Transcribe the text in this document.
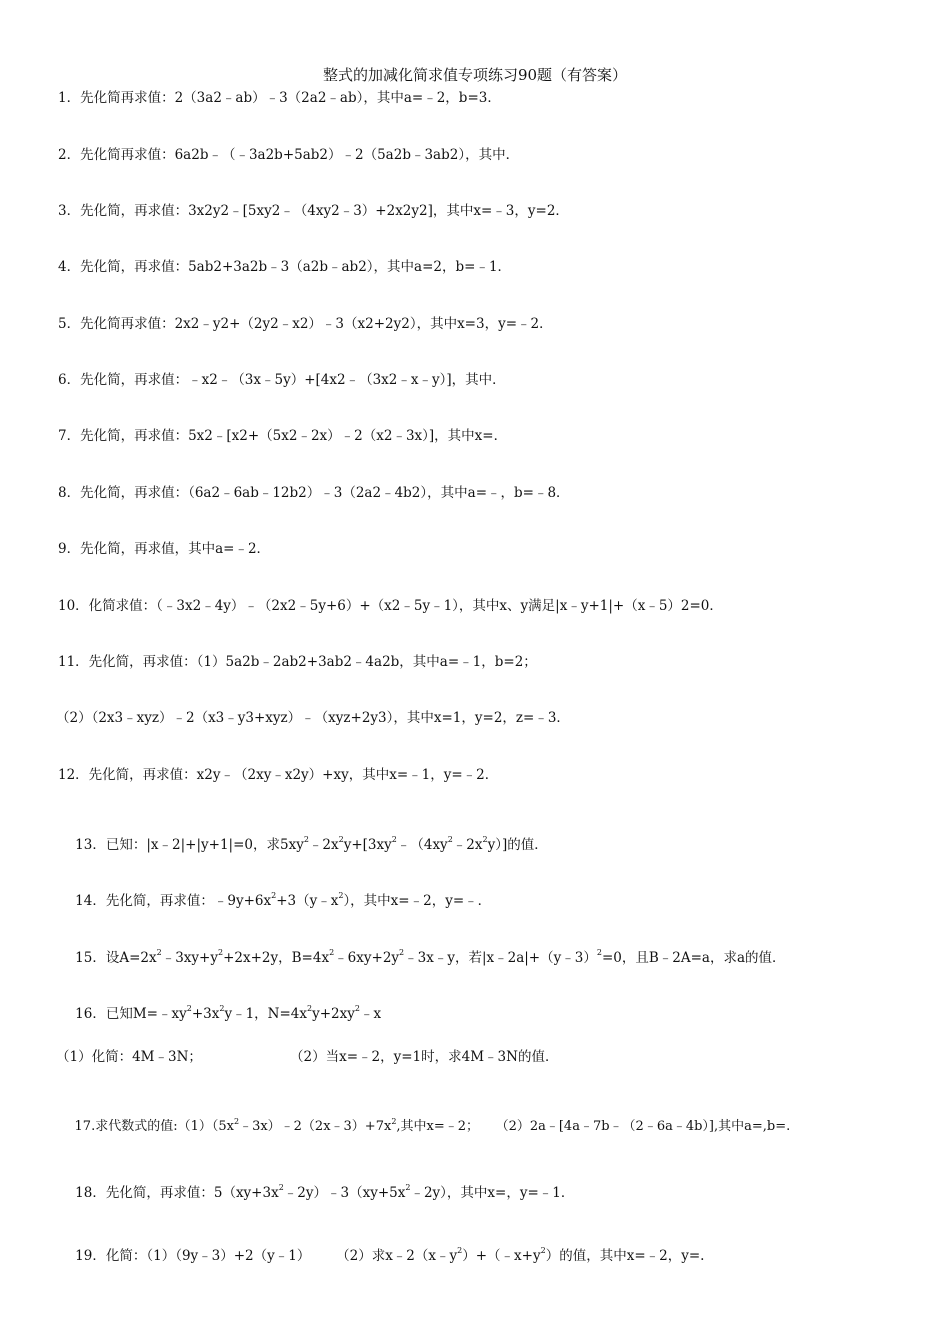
整式的加减化简求值专项练习90题（有答案）
1．先化简再求值：2（3a2﹣ab）﹣3（2a2﹣ab），其中a=﹣2，b=3．
2．先化简再求值：6a2b﹣（﹣3a2b+5ab2）﹣2（5a2b﹣3ab2），其中．
3．先化简，再求值：3x2y2﹣[5xy2﹣（4xy2﹣3）+2x2y2]，其中x=﹣3，y=2．
4．先化简，再求值：5ab2+3a2b﹣3（a2b﹣ab2），其中a=2，b=﹣1．
5．先化简再求值：2x2﹣y2+（2y2﹣x2）﹣3（x2+2y2），其中x=3，y=﹣2．
6．先化简，再求值：﹣x2﹣（3x﹣5y）+[4x2﹣（3x2﹣x﹣y）]，其中．
7．先化简，再求值：5x2﹣[x2+（5x2﹣2x）﹣2（x2﹣3x）]，其中x=．
8．先化简，再求值：（6a2﹣6ab﹣12b2）﹣3（2a2﹣4b2），其中a=﹣，b=﹣8．
9．先化简，再求值，其中a=﹣2．
10．化简求值：（﹣3x2﹣4y）﹣（2x2﹣5y+6）+（x2﹣5y﹣1），其中x、y满足|x﹣y+1|+（x﹣5）2=0．
11．先化简，再求值：（1）5a2b﹣2ab2+3ab2﹣4a2b，其中a=﹣1，b=2；
（2）（2x3﹣xyz）﹣2（x3﹣y3+xyz）﹣（xyz+2y3），其中x=1，y=2，z=﹣3．
12．先化简，再求值：x2y﹣（2xy﹣x2y）+xy，其中x=﹣1，y=﹣2．

13．已知：|x﹣2|+|y+1|=0，求$5xy^2﹣2x^2y+[3xy^2﹣(4xy^2﹣2x^2y)]$的值．

14．先化简，再求值：$﹣9y+6x^2+3(y﹣x^2)$，其中x=﹣2，y=﹣．

15．设$A=2x^2﹣3xy+y^2+2x+2y$，$B=4x^2﹣6xy+2y^2﹣3x﹣y$，若|x﹣2a|+（y﹣3）$^2$=0，且B﹣2A=a，求a的值．

16．已知$M=﹣xy^2+3x^2y﹣1$，$N=4x^2y+2xy^2﹣x$

（1）化简：4M﹣3N；	（2）当x=﹣2，y=1时，求4M﹣3N的值．

17.求代数式的值$:(1)(5x^2﹣3x)﹣2(2x﹣3)+7x^2$,其中x=﹣2；    （2）2a﹣[4a﹣7b﹣（2﹣6a﹣4b）],其中a=,b=.

18．先化简，再求值：$5(xy+3x^2﹣2y)﹣3(xy+5x^2﹣2y)$，其中x=，y=﹣1．

19．化简：（1）（9y﹣3）+2（y﹣1）      （2）求$x﹣2(x﹣y^2)+(﹣x+y^2)$的值，其中x=﹣2，y=.
